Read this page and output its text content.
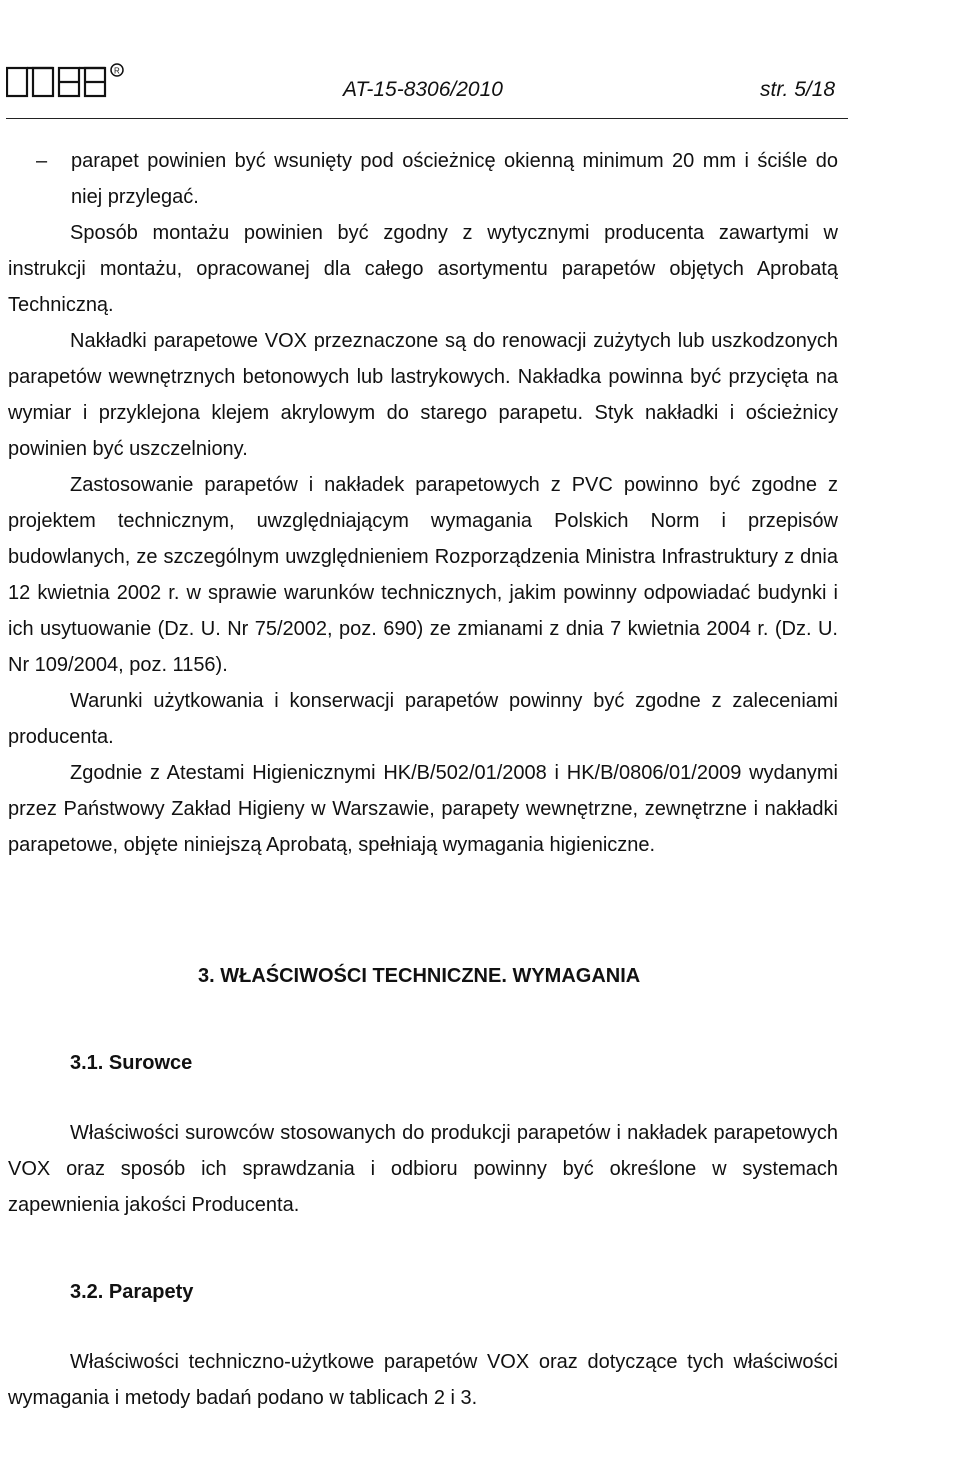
R
AT-15-8306/2010	str. 5/18

– parapet powinien być wsunięty pod ościeżnicę okienną minimum 20 mm i ściśle do niej przylegać.

Sposób montażu powinien być zgodny z wytycznymi producenta zawartymi w instrukcji montażu, opracowanej dla całego asortymentu parapetów objętych Aprobatą Techniczną.

Nakładki parapetowe VOX przeznaczone są do renowacji zużytych lub uszkodzonych parapetów wewnętrznych betonowych lub lastrykowych. Nakładka powinna być przycięta na wymiar i przyklejona klejem akrylowym do starego parapetu. Styk nakładki i ościeżnicy powinien być uszczelniony.

Zastosowanie parapetów i nakładek parapetowych z PVC powinno być zgodne z projektem technicznym, uwzględniającym wymagania Polskich Norm i przepisów budowlanych, ze szczególnym uwzględnieniem Rozporządzenia Ministra Infrastruktury z dnia 12 kwietnia 2002 r. w sprawie warunków technicznych, jakim powinny odpowiadać budynki i ich usytuowanie (Dz. U. Nr 75/2002, poz. 690) ze zmianami z dnia 7 kwietnia 2004 r. (Dz. U. Nr 109/2004, poz. 1156).

Warunki użytkowania i konserwacji parapetów powinny być zgodne z zaleceniami producenta.

Zgodnie z Atestami Higienicznymi HK/B/502/01/2008 i HK/B/0806/01/2009 wydanymi przez Państwowy Zakład Higieny w Warszawie, parapety wewnętrzne, zewnętrzne i nakładki parapetowe, objęte niniejszą Aprobatą, spełniają wymagania higieniczne.

3. WŁAŚCIWOŚCI TECHNICZNE. WYMAGANIA

3.1. Surowce

Właściwości surowców stosowanych do produkcji parapetów i nakładek parapetowych VOX oraz sposób ich sprawdzania i odbioru powinny być określone w systemach zapewnienia jakości Producenta.

3.2. Parapety

Właściwości techniczno-użytkowe parapetów VOX oraz dotyczące tych właściwości wymagania i metody badań podano w tablicach 2 i 3.
